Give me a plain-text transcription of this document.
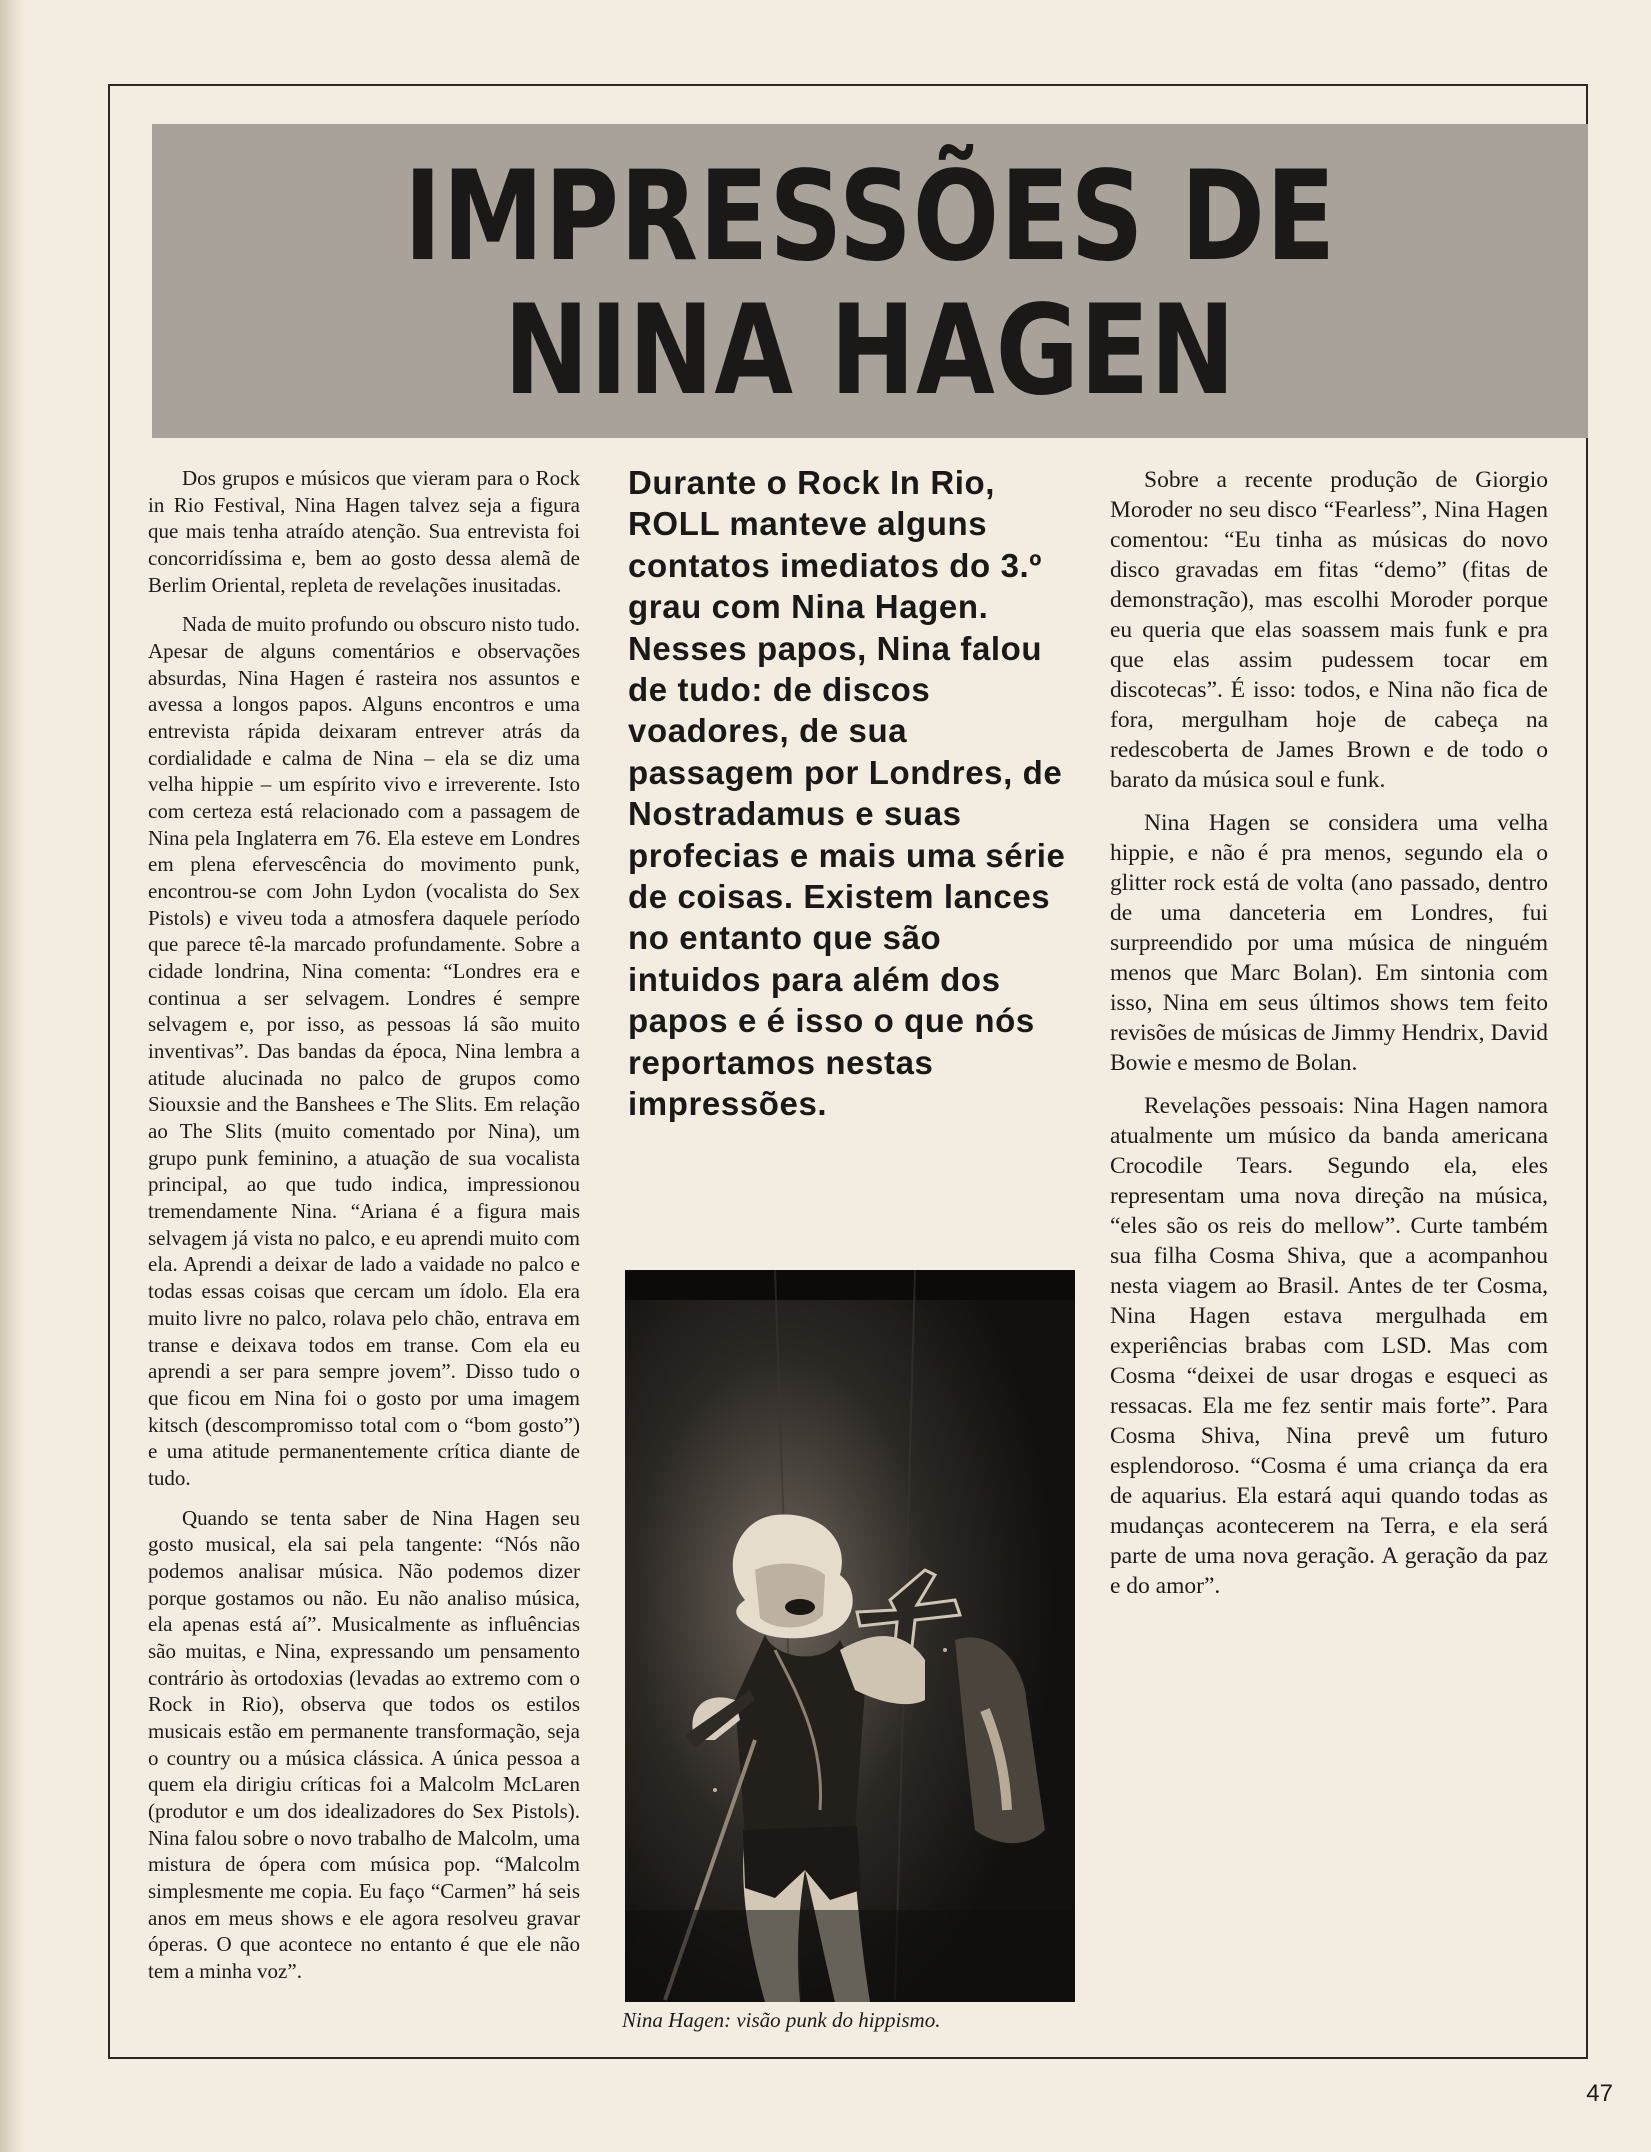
IMPRESSÕES DE
NINA HAGEN

Dos grupos e músicos que vieram para o Rock in Rio Festival, Nina Hagen talvez seja a figura que mais tenha atraído atenção. Sua entrevista foi concorridíssima e, bem ao gosto dessa alemã de Berlim Oriental, repleta de revelações inusitadas.

Nada de muito profundo ou obscuro nisto tudo. Apesar de alguns comentários e observações absurdas, Nina Hagen é rasteira nos assuntos e avessa a longos papos. Alguns encontros e uma entrevista rápida deixaram entrever atrás da cordialidade e calma de Nina – ela se diz uma velha hippie – um espírito vivo e irreverente. Isto com certeza está relacionado com a passagem de Nina pela Inglaterra em 76. Ela esteve em Londres em plena efervescência do movimento punk, encontrou-se com John Lydon (vocalista do Sex Pistols) e viveu toda a atmosfera daquele período que parece tê-la marcado profundamente. Sobre a cidade londrina, Nina comenta: “Londres era e continua a ser selvagem. Londres é sempre selvagem e, por isso, as pessoas lá são muito inventivas”. Das bandas da época, Nina lembra a atitude alucinada no palco de grupos como Siouxsie and the Banshees e The Slits. Em relação ao The Slits (muito comentado por Nina), um grupo punk feminino, a atuação de sua vocalista principal, ao que tudo indica, impressionou tremendamente Nina. “Ariana é a figura mais selvagem já vista no palco, e eu aprendi muito com ela. Aprendi a deixar de lado a vaidade no palco e todas essas coisas que cercam um ídolo. Ela era muito livre no palco, rolava pelo chão, entrava em transe e deixava todos em transe. Com ela eu aprendi a ser para sempre jovem”. Disso tudo o que ficou em Nina foi o gosto por uma imagem kitsch (descompromisso total com o “bom gosto”) e uma atitude permanentemente crítica diante de tudo.

Quando se tenta saber de Nina Hagen seu gosto musical, ela sai pela tangente: “Nós não podemos analisar música. Não podemos dizer porque gostamos ou não. Eu não analiso música, ela apenas está aí”. Musicalmente as influências são muitas, e Nina, expressando um pensamento contrário às ortodoxias (levadas ao extremo com o Rock in Rio), observa que todos os estilos musicais estão em permanente transformação, seja o country ou a música clássica. A única pessoa a quem ela dirigiu críticas foi a Malcolm McLaren (produtor e um dos idealizadores do Sex Pistols). Nina falou sobre o novo trabalho de Malcolm, uma mistura de ópera com música pop. “Malcolm simplesmente me copia. Eu faço “Carmen” há seis anos em meus shows e ele agora resolveu gravar óperas. O que acontece no entanto é que ele não tem a minha voz”.

Durante o Rock In Rio, ROLL manteve alguns contatos imediatos do 3.º grau com Nina Hagen. Nesses papos, Nina falou de tudo: de discos voadores, de sua passagem por Londres, de Nostradamus e suas profecias e mais uma série de coisas. Existem lances no entanto que são intuidos para além dos papos e é isso o que nós reportamos nestas impressões.

Nina Hagen: visão punk do hippismo.

Sobre a recente produção de Giorgio Moroder no seu disco “Fearless”, Nina Hagen comentou: “Eu tinha as músicas do novo disco gravadas em fitas “demo” (fitas de demonstração), mas escolhi Moroder porque eu queria que elas soassem mais funk e pra que elas assim pudessem tocar em discotecas”. É isso: todos, e Nina não fica de fora, mergulham hoje de cabeça na redescoberta de James Brown e de todo o barato da música soul e funk.

Nina Hagen se considera uma velha hippie, e não é pra menos, segundo ela o glitter rock está de volta (ano passado, dentro de uma danceteria em Londres, fui surpreendido por uma música de ninguém menos que Marc Bolan). Em sintonia com isso, Nina em seus últimos shows tem feito revisões de músicas de Jimmy Hendrix, David Bowie e mesmo de Bolan.

Revelações pessoais: Nina Hagen namora atualmente um músico da banda americana Crocodile Tears. Segundo ela, eles representam uma nova direção na música, “eles são os reis do mellow”. Curte também sua filha Cosma Shiva, que a acompanhou nesta viagem ao Brasil. Antes de ter Cosma, Nina Hagen estava mergulhada em experiências brabas com LSD. Mas com Cosma “deixei de usar drogas e esqueci as ressacas. Ela me fez sentir mais forte”. Para Cosma Shiva, Nina prevê um futuro esplendoroso. “Cosma é uma criança da era de aquarius. Ela estará aqui quando todas as mudanças acontecerem na Terra, e ela será parte de uma nova geração. A geração da paz e do amor”.

47
